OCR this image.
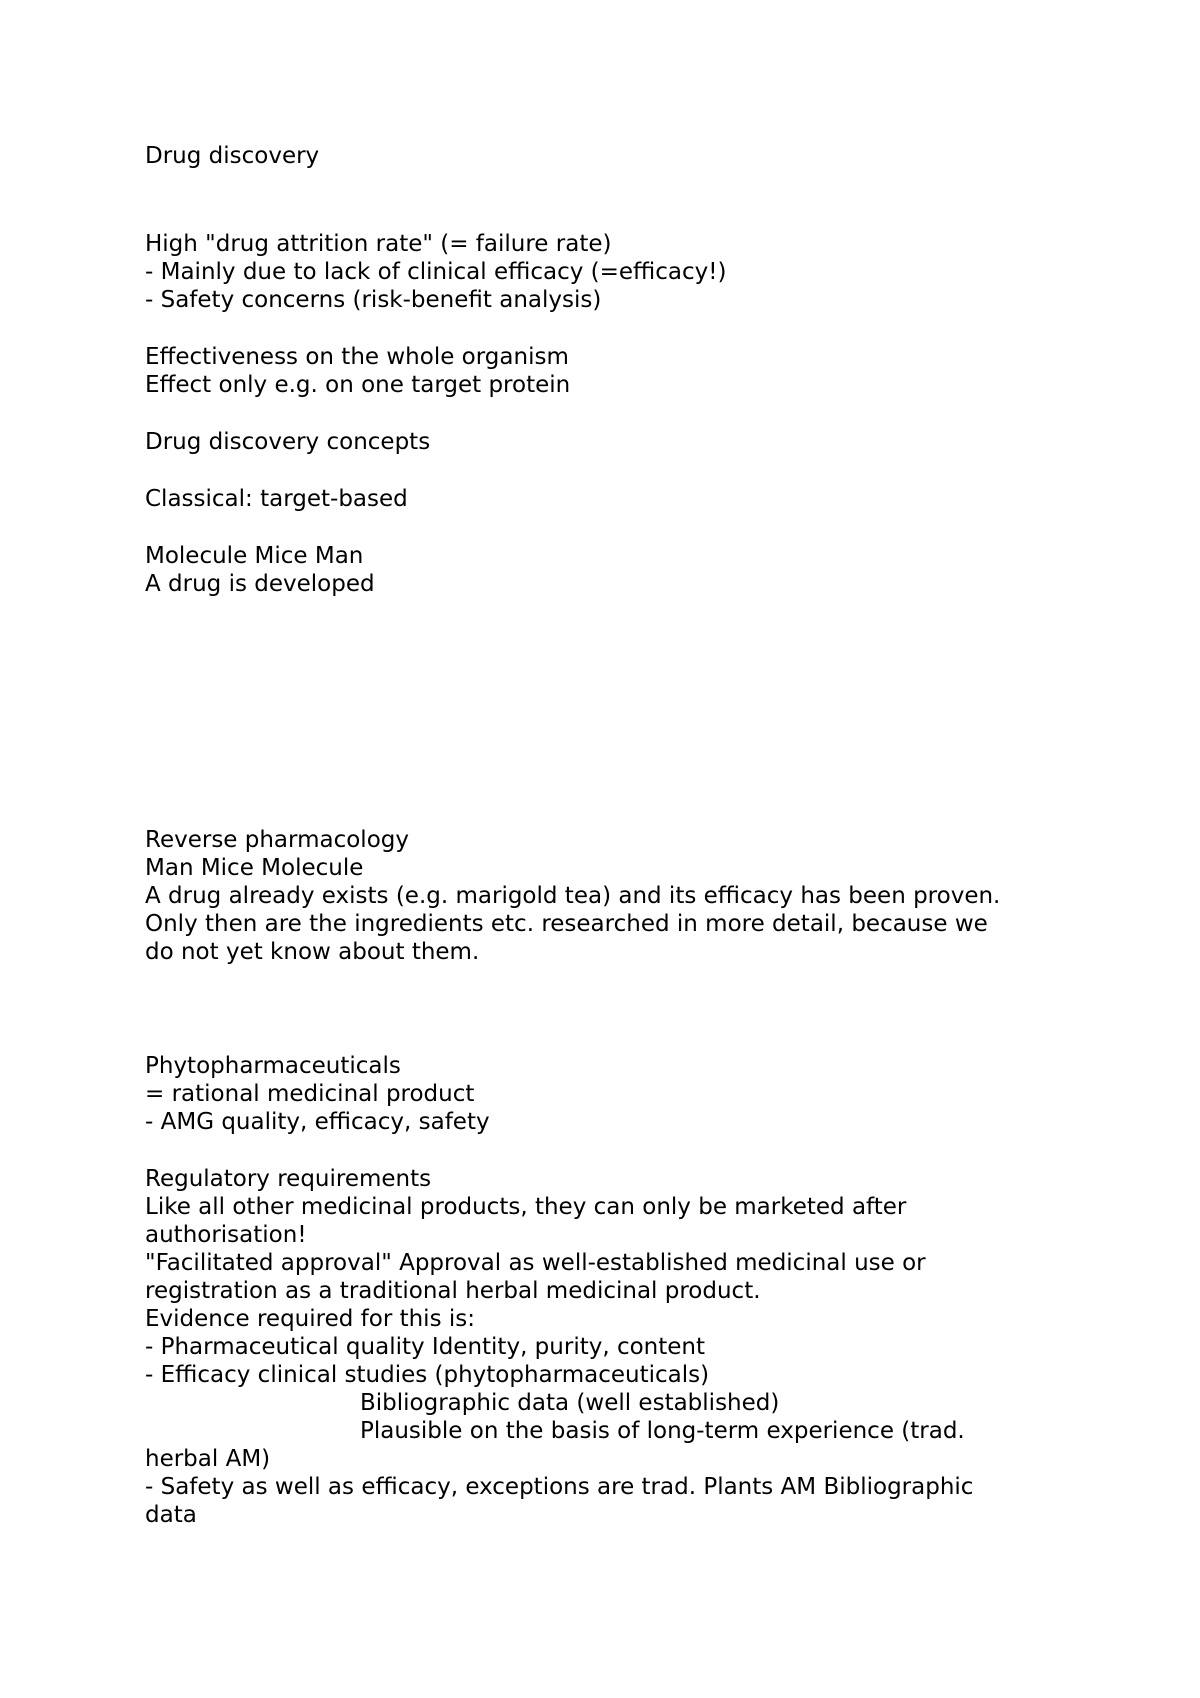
Drug discovery

High "drug attrition rate" (= failure rate)

- Mainly due to lack of clinical efficacy (=efficacy!)

- Safety concerns (risk-benefit analysis)

Effectiveness on the whole organism

Effect only e.g. on one target protein

Drug discovery concepts

Classical: target-based

Molecule Mice Man

A drug is developed

Reverse pharmacology

Man Mice Molecule

A drug already exists (e.g. marigold tea) and its efficacy has been proven.

Only then are the ingredients etc. researched in more detail, because we

do not yet know about them.

Phytopharmaceuticals

= rational medicinal product

- AMG quality, efficacy, safety

Regulatory requirements

Like all other medicinal products, they can only be marketed after

authorisation!

"Facilitated approval" Approval as well-established medicinal use or

registration as a traditional herbal medicinal product.

Evidence required for this is:

- Pharmaceutical quality Identity, purity, content

- Efficacy clinical studies (phytopharmaceuticals)

Bibliographic data (well established)

Plausible on the basis of long-term experience (trad.

herbal AM)

- Safety as well as efficacy, exceptions are trad. Plants AM Bibliographic

data
